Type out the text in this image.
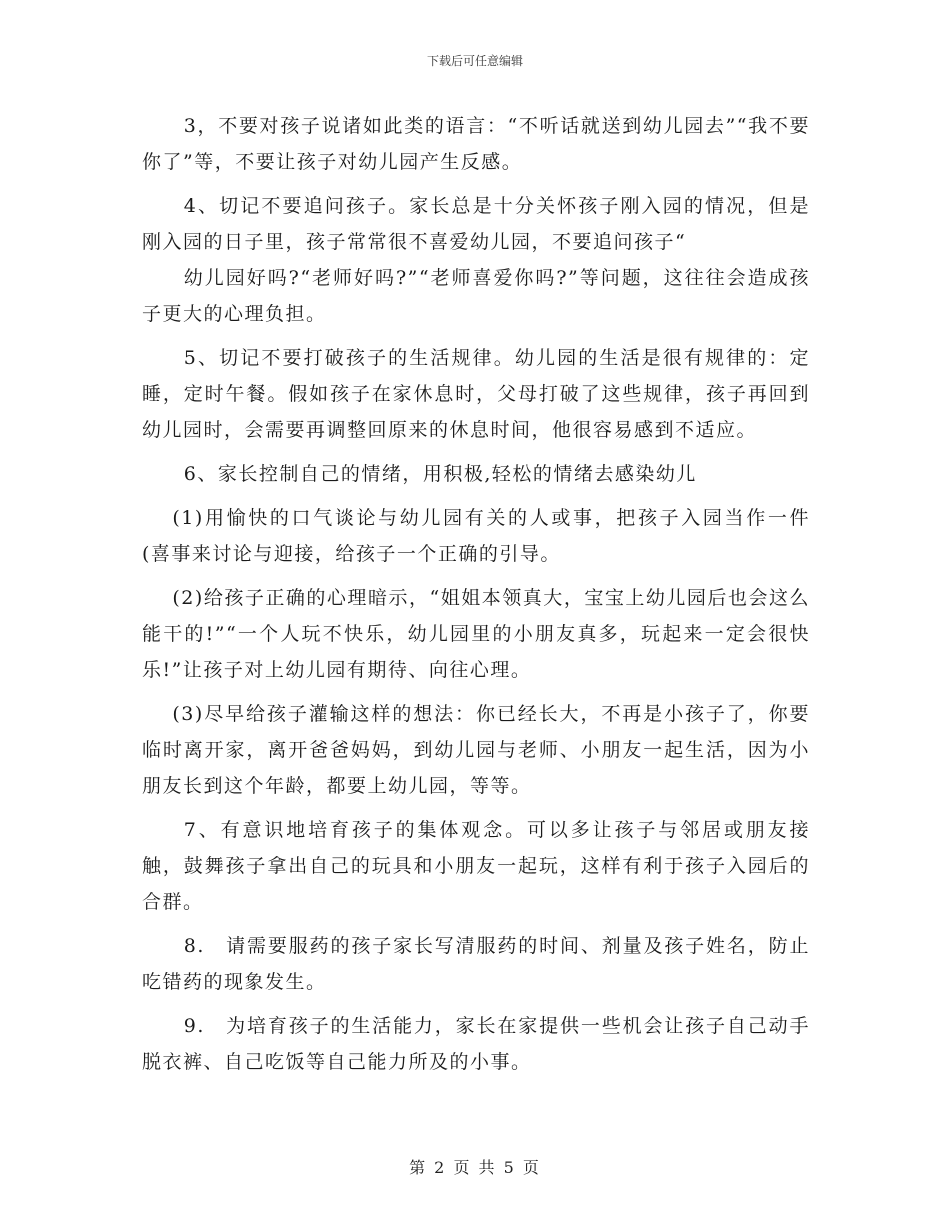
下载后可任意编辑

3，不要对孩子说诸如此类的语言：“不听话就送到幼儿园去”“我不要你了”等，不要让孩子对幼儿园产生反感。

4、切记不要追问孩子。家长总是十分关怀孩子刚入园的情况，但是刚入园的日子里，孩子常常很不喜爱幼儿园，不要追问孩子“

幼儿园好吗?“老师好吗?”“老师喜爱你吗?”等问题，这往往会造成孩子更大的心理负担。

5、切记不要打破孩子的生活规律。幼儿园的生活是很有规律的：定睡，定时午餐。假如孩子在家休息时，父母打破了这些规律，孩子再回到幼儿园时，会需要再调整回原来的休息时间，他很容易感到不适应。

6、家长控制自己的情绪，用积极,轻松的情绪去感染幼儿

(1)用愉快的口气谈论与幼儿园有关的人或事，把孩子入园当作一件 (喜事来讨论与迎接，给孩子一个正确的引导。

(2)给孩子正确的心理暗示，“姐姐本领真大，宝宝上幼儿园后也会这么能干的!”“一个人玩不快乐，幼儿园里的小朋友真多，玩起来一定会很快乐!”让孩子对上幼儿园有期待、向往心理。

(3)尽早给孩子灌输这样的想法：你已经长大，不再是小孩子了，你要临时离开家，离开爸爸妈妈，到幼儿园与老师、小朋友一起生活，因为小朋友长到这个年龄，都要上幼儿园，等等。

7、有意识地培育孩子的集体观念。可以多让孩子与邻居或朋友接触，鼓舞孩子拿出自己的玩具和小朋友一起玩，这样有利于孩子入园后的合群。

8.　请需要服药的孩子家长写清服药的时间、剂量及孩子姓名，防止吃错药的现象发生。

9.　为培育孩子的生活能力，家长在家提供一些机会让孩子自己动手脱衣裤、自己吃饭等自己能力所及的小事。

第 2 页 共 5 页
